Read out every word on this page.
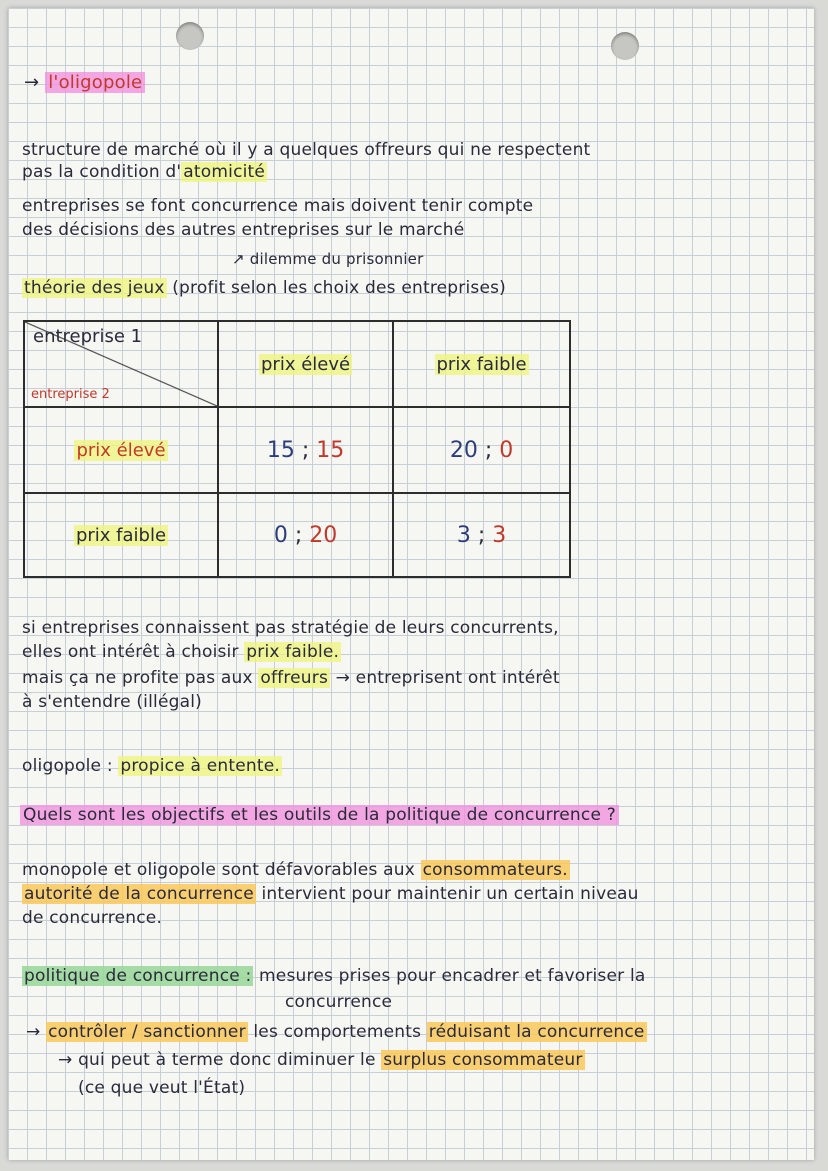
→ l'oligopole
structure de marché où il y a quelques offreurs qui ne respectent
pas la condition d' atomicité
entreprises se font concurrence mais doivent tenir compte
des décisions des autres entreprises sur le marché
↗ dilemme du prisonnier
théorie des jeux (profit selon les choix des entreprises)
entreprise 1
entreprise 2	prix élevé	prix faible
prix élevé	15 ; 15	20 ; 0
prix faible	0 ; 20	3 ; 3
si entreprises connaissent pas stratégie de leurs concurrents,
elles ont intérêt à choisir prix faible.
mais ça ne profite pas aux offreurs → entreprisent ont intérêt
à s'entendre (illégal)
oligopole : propice à entente.
Quels sont les objectifs et les outils de la politique de concurrence ?
monopole et oligopole sont défavorables aux consommateurs.
autorité de la concurrence intervient pour maintenir un certain niveau
de concurrence.
politique de concurrence : mesures prises pour encadrer et favoriser la
concurrence
→ contrôler / sanctionner les comportements réduisant la concurrence
→ qui peut à terme donc diminuer le surplus consommateur
(ce que veut l'État)
